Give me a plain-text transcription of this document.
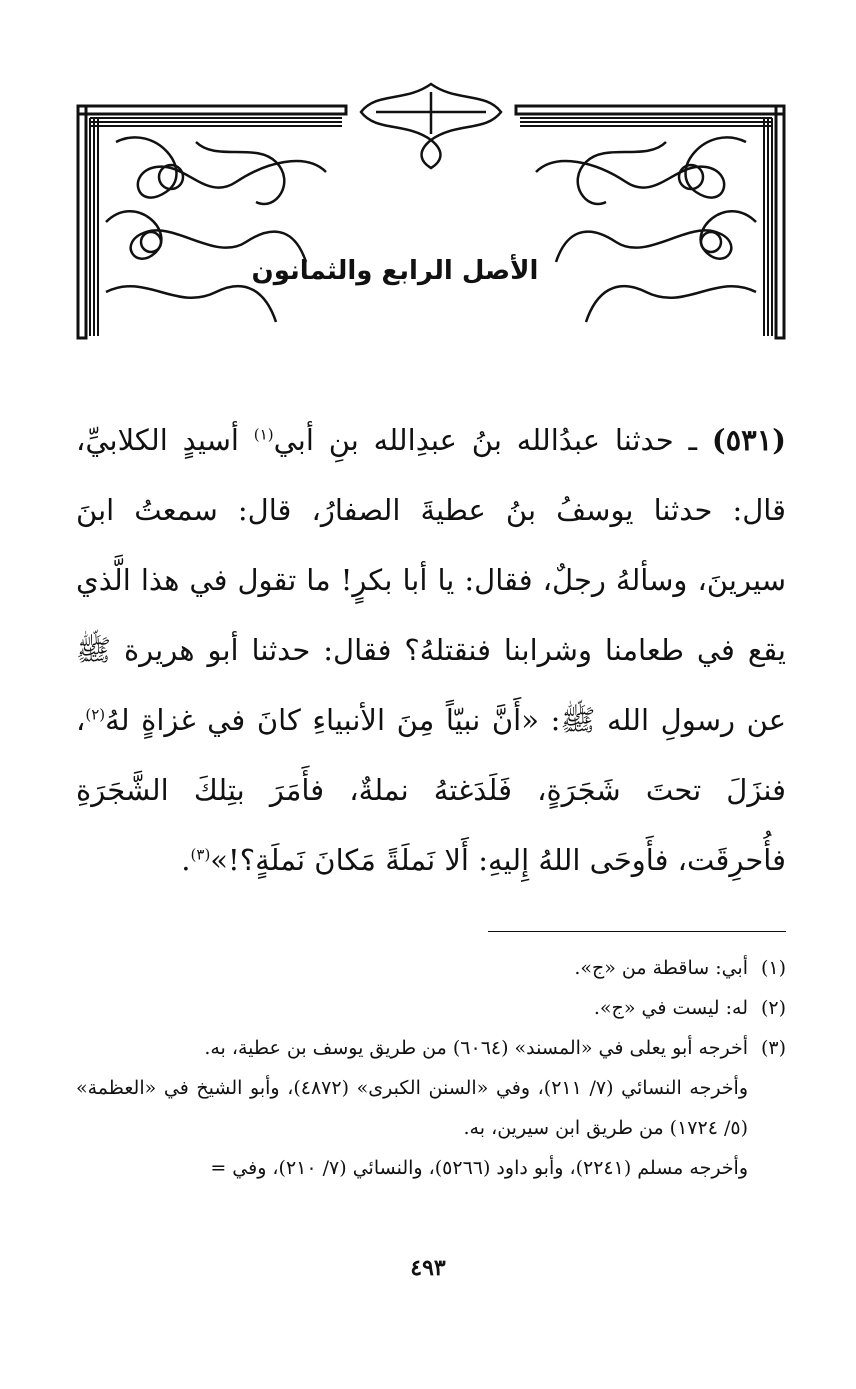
الأصل الرابع والثمانون

(٥٣١) ـ حدثنا عبدُالله بنُ عبدِالله بنِ أبي$^{(١)}$ أسيدٍ الكلابيِّ، قال: حدثنا يوسفُ بنُ عطيةَ الصفارُ، قال: سمعتُ ابنَ سيرينَ، وسألهُ رجلٌ، فقال: يا أبا بكرٍ! ما تقول في هذا الَّذي يقع في طعامنا وشرابنا فنقتلهُ؟ فقال: حدثنا أبو هريرة ﷺ عن رسولِ الله ﷺ: «أَنَّ نبيّاً مِنَ الأنبياءِ كانَ في غزاةٍ لهُ$^{(٢)}$، فنزَلَ تحتَ شَجَرَةٍ، فَلَدَغتهُ نملةٌ، فأَمَرَ بتِلكَ الشَّجَرَةِ فأُحرِقَت، فأَوحَى اللهُ إِليهِ: أَلا نَملَةً مَكانَ نَملَةٍ؟!»$^{(٣)}$.

(١)
أبي: ساقطة من «ج».
(٢)
له: ليست في «ج».
(٣)
أخرجه أبو يعلى في «المسند» (٦٠٦٤) من طريق يوسف بن عطية، به.
وأخرجه النسائي (٧/ ٢١١)، وفي «السنن الكبرى» (٤٨٧٢)، وأبو الشيخ في «العظمة» (٥/ ١٧٢٤) من طريق ابن سيرين، به.
وأخرجه مسلم (٢٢٤١)، وأبو داود (٥٢٦٦)، والنسائي (٧/ ٢١٠)، وفي =
٤٩٣
